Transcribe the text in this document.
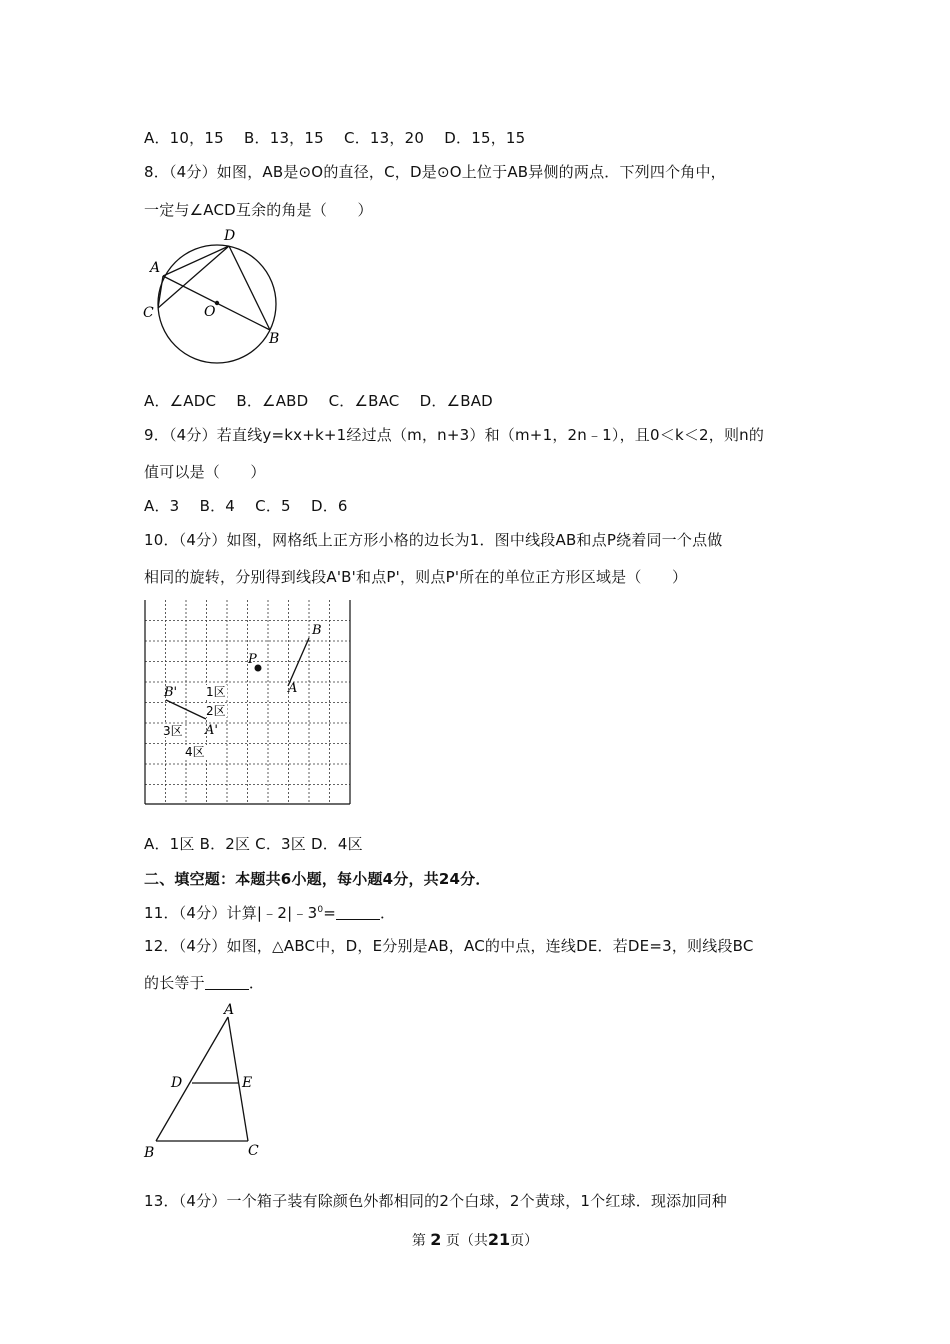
A．10，15　 B．13，15　 C．13，20　 D．15，15
8．（4分）如图，AB是⊙O的直径，C，D是⊙O上位于AB异侧的两点．下列四个角中，
一定与∠ACD互余的角是（　　）
D
A
C	O
B
A．∠ADC　 B．∠ABD　 C．∠BAC　 D．∠BAD
9．（4分）若直线y=kx+k+1经过点（m，n+3）和（m+1，2n﹣1），且0＜k＜2，则n的
值可以是（　　）
A．3　 B．4　 C．5　 D．6
10．（4分）如图，网格纸上正方形小格的边长为1．图中线段AB和点P绕着同一个点做
相同的旋转，分别得到线段A'B'和点P'，则点P'所在的单位正方形区域是（　　）
B
P
A
B'
A'
1区
2区
3区
4区
A．1区 B．2区 C．3区 D．4区
二、填空题：本题共6小题，每小题4分，共24分．
11．（4分）计算$|﹣2|﹣3^0=$	．
12．（4分）如图，△ABC中，D，E分别是AB，AC的中点，连线DE．若DE=3，则线段BC
的长等于	．
A
D	E
B	C
13．（4分）一个箱子装有除颜色外都相同的2个白球，2个黄球，1个红球．现添加同种
第 2 页（共21页）
